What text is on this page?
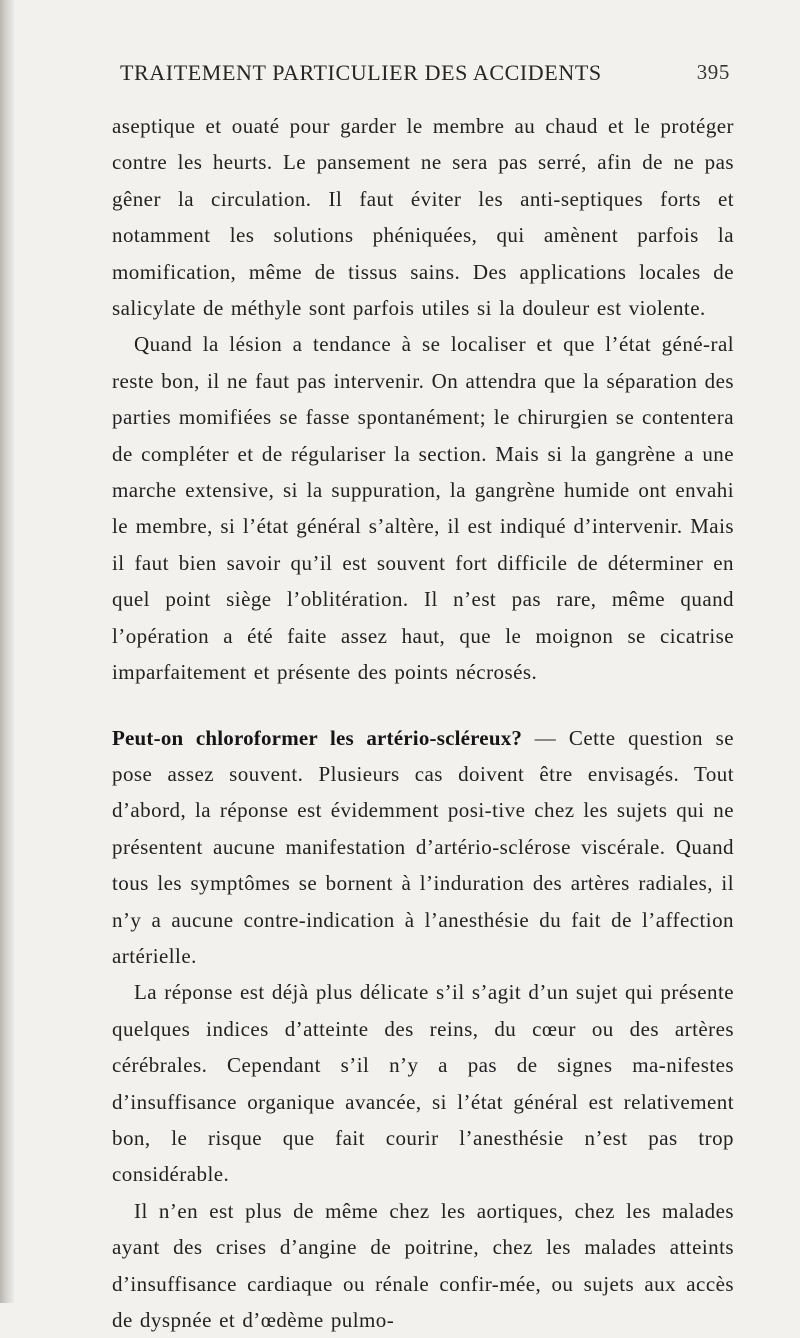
TRAITEMENT PARTICULIER DES ACCIDENTS	395

aseptique et ouaté pour garder le membre au chaud et le protéger contre les heurts. Le pansement ne sera pas serré, afin de ne pas gêner la circulation. Il faut éviter les anti-septiques forts et notamment les solutions phéniquées, qui amènent parfois la momification, même de tissus sains. Des applications locales de salicylate de méthyle sont parfois utiles si la douleur est violente.

Quand la lésion a tendance à se localiser et que l’état géné-ral reste bon, il ne faut pas intervenir. On attendra que la séparation des parties momifiées se fasse spontanément; le chirurgien se contentera de compléter et de régulariser la section. Mais si la gangrène a une marche extensive, si la suppuration, la gangrène humide ont envahi le membre, si l’état général s’altère, il est indiqué d’intervenir. Mais il faut bien savoir qu’il est souvent fort difficile de déterminer en quel point siège l’oblitération. Il n’est pas rare, même quand l’opération a été faite assez haut, que le moignon se cicatrise imparfaitement et présente des points nécrosés.

Peut-on chloroformer les artério-scléreux? — Cette question se pose assez souvent. Plusieurs cas doivent être envisagés. Tout d’abord, la réponse est évidemment posi-tive chez les sujets qui ne présentent aucune manifestation d’artério-sclérose viscérale. Quand tous les symptômes se bornent à l’induration des artères radiales, il n’y a aucune contre-indication à l’anesthésie du fait de l’affection artérielle.

La réponse est déjà plus délicate s’il s’agit d’un sujet qui présente quelques indices d’atteinte des reins, du cœur ou des artères cérébrales. Cependant s’il n’y a pas de signes ma-nifestes d’insuffisance organique avancée, si l’état général est relativement bon, le risque que fait courir l’anesthésie n’est pas trop considérable.

Il n’en est plus de même chez les aortiques, chez les malades ayant des crises d’angine de poitrine, chez les malades atteints d’insuffisance cardiaque ou rénale confir-mée, ou sujets aux accès de dyspnée et d’œdème pulmo-
